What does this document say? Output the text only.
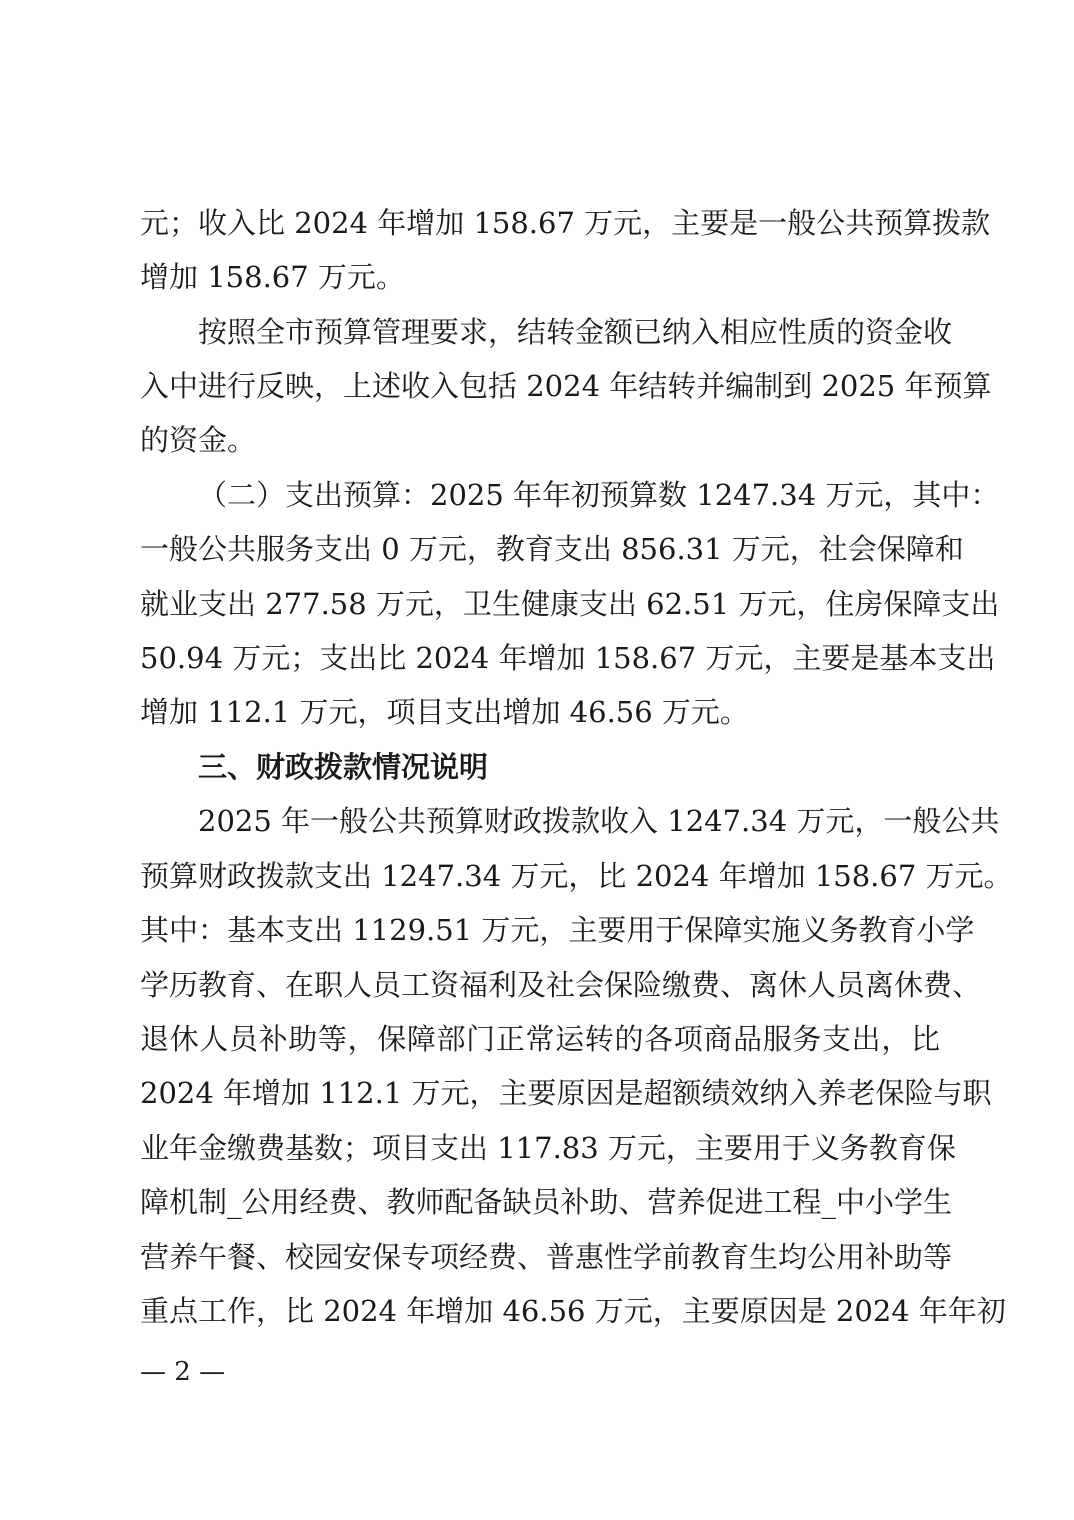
元；收入比 2024 年增加 158.67 万元，主要是一般公共预算拨款
增加 158.67 万元。
按照全市预算管理要求，结转金额已纳入相应性质的资金收
入中进行反映，上述收入包括 2024 年结转并编制到 2025 年预算
的资金。
（二）支出预算：2025 年年初预算数 1247.34 万元，其中：
一般公共服务支出 0 万元，教育支出 856.31 万元，社会保障和
就业支出 277.58 万元，卫生健康支出 62.51 万元，住房保障支出
50.94 万元；支出比 2024 年增加 158.67 万元，主要是基本支出
增加 112.1 万元，项目支出增加 46.56 万元。
三、财政拨款情况说明
2025 年一般公共预算财政拨款收入 1247.34 万元，一般公共
预算财政拨款支出 1247.34 万元，比 2024 年增加 158.67 万元。
其中：基本支出 1129.51 万元，主要用于保障实施义务教育小学
学历教育、在职人员工资福利及社会保险缴费、离休人员离休费、
退休人员补助等，保障部门正常运转的各项商品服务支出，比
2024 年增加 112.1 万元，主要原因是超额绩效纳入养老保险与职
业年金缴费基数；项目支出 117.83 万元，主要用于义务教育保
障机制_公用经费、教师配备缺员补助、营养促进工程_中小学生
营养午餐、校园安保专项经费、普惠性学前教育生均公用补助等
重点工作，比 2024 年增加 46.56 万元，主要原因是 2024 年年初
— 2 —
